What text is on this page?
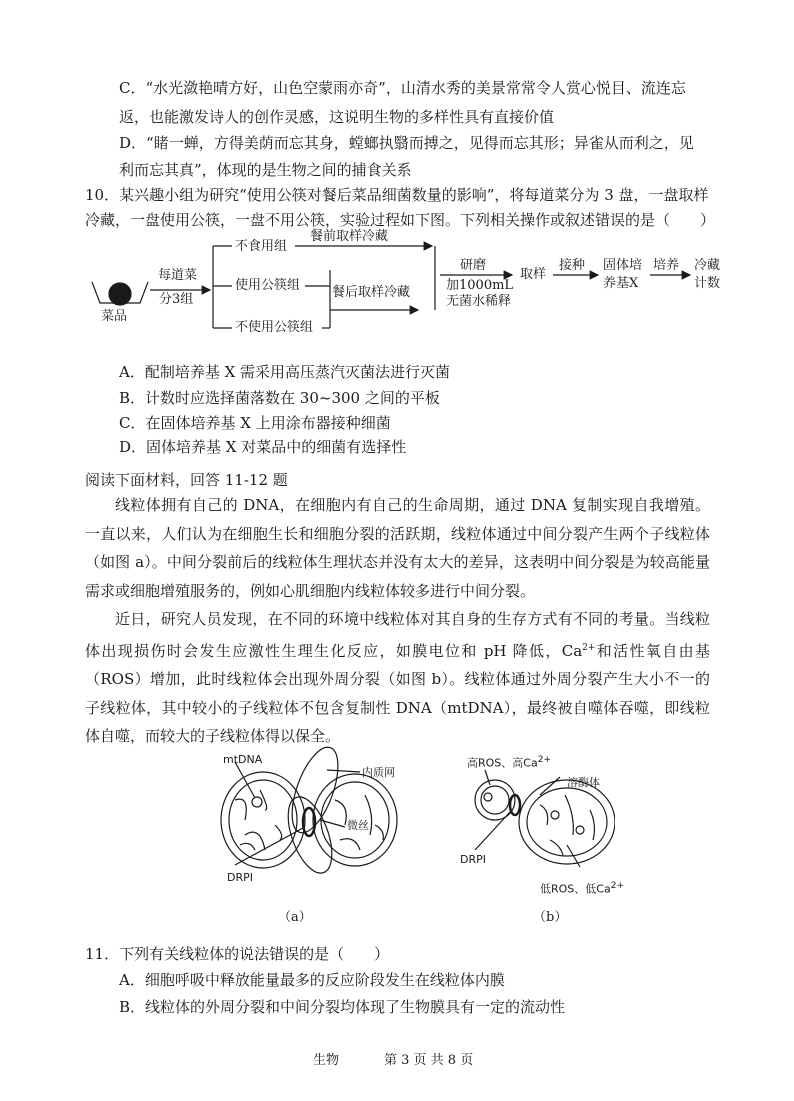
C．“水光潋艳晴方好，山色空蒙雨亦奇”，山清水秀的美景常常令人赏心悦目、流连忘
返，也能激发诗人的创作灵感，这说明生物的多样性具有直接价值
D．“睹一蝉，方得美荫而忘其身，螳螂执翳而搏之，见得而忘其形；异雀从而利之，见
利而忘其真”，体现的是生物之间的捕食关系
10．某兴趣小组为研究“使用公筷对餐后菜品细菌数量的影响”，将每道菜分为 3 盘，一盘取样
冷藏，一盘使用公筷，一盘不用公筷，实验过程如下图。下列相关操作或叙述错误的是（　　）
菜品
每道菜
分3组
不食用组
使用公筷组
不使用公筷组
餐前取样冷藏
餐后取样冷藏
研磨
加1000mL
无菌水稀释
取样
接种 固体培
养基X
培养 冷藏
计数
A．配制培养基 X 需采用高压蒸汽灭菌法进行灭菌
B．计数时应选择菌落数在 30~300 之间的平板
C．在固体培养基 X 上用涂布器接种细菌
D．固体培养基 X 对菜品中的细菌有选择性
阅读下面材料，回答 11-12 题
线粒体拥有自己的 DNA，在细胞内有自己的生命周期，通过 DNA 复制实现自我增殖。一直以来，人们认为在细胞生长和细胞分裂的活跃期，线粒体通过中间分裂产生两个子线粒体（如图 a）。中间分裂前后的线粒体生理状态并没有太大的差异，这表明中间分裂是为较高能量需求或细胞增殖服务的，例如心肌细胞内线粒体较多进行中间分裂。
近日，研究人员发现，在不同的环境中线粒体对其自身的生存方式有不同的考量。当线粒体出现损伤时会发生应激性生理生化反应，如膜电位和 pH 降低，$Ca^{2+}$和活性氧自由基（ROS）增加，此时线粒体会出现外周分裂（如图 b）。线粒体通过外周分裂产生大小不一的子线粒体，其中较小的子线粒体不包含复制性 DNA（mtDNA），最终被自噬体吞噬，即线粒体自噬，而较大的子线粒体得以保全。
mtDNA
内质网
微丝
DRPI
（a）
高ROS、高$Ca^{2+}$
溶酶体
DRPI
低ROS、低$Ca^{2+}$
（b）
11．下列有关线粒体的说法错误的是（　　）
A．细胞呼吸中释放能量最多的反应阶段发生在线粒体内膜
B．线粒体的外周分裂和中间分裂均体现了生物膜具有一定的流动性
生物	第 3 页 共 8 页
